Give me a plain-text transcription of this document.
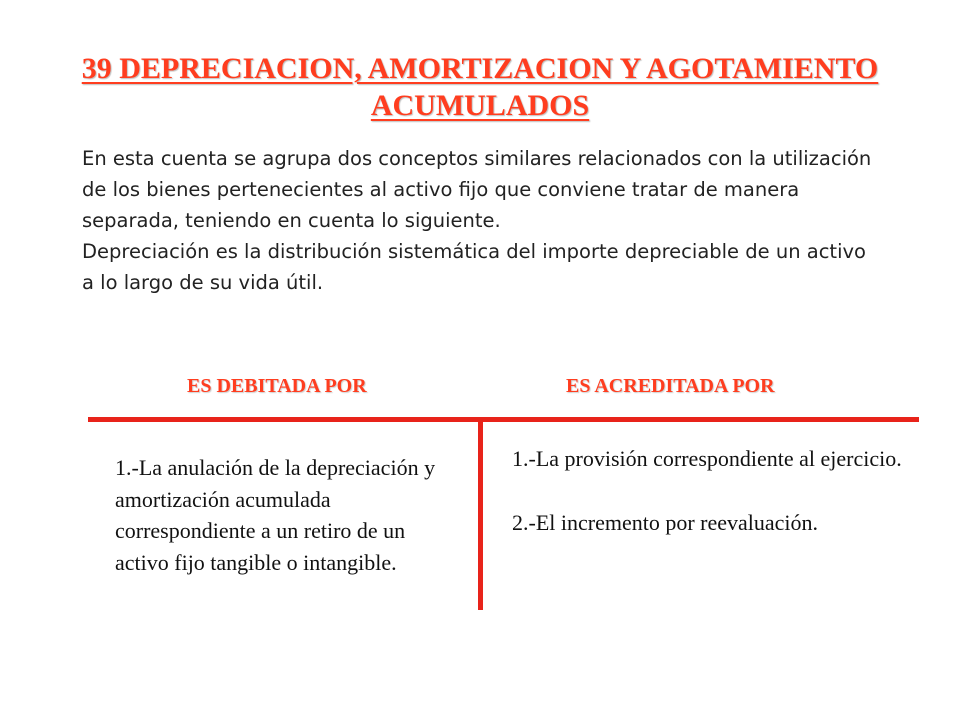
39 DEPRECIACION, AMORTIZACION Y AGOTAMIENTO
ACUMULADOS

En esta cuenta se agrupa dos conceptos similares relacionados con la utilización de los bienes pertenecientes al activo fijo que conviene tratar de manera separada, teniendo en cuenta lo siguiente.

Depreciación es la distribución sistemática del importe depreciable de un activo a lo largo de su vida útil.

ES DEBITADA POR	ES ACREDITADA POR

1.-La anulación de la depreciación y amortización acumulada correspondiente a un retiro de un activo fijo tangible o intangible.

1.-La provisión correspondiente al ejercicio.

2.-El incremento por reevaluación.
